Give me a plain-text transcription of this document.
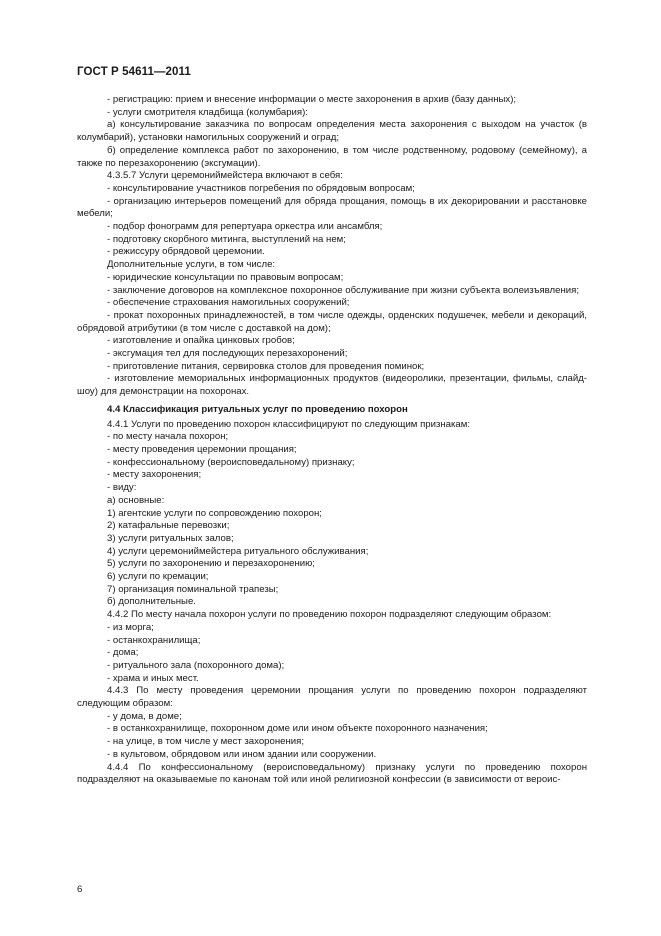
ГОСТ Р 54611—2011

- регистрацию: прием и внесение информации о месте захоронения в архив (базу данных);

- услуги смотрителя кладбища (колумбария):

а) консультирование заказчика по вопросам определения места захоронения с выходом на участок (в колумбарий), установки намогильных сооружений и оград;

б) определение комплекса работ по захоронению, в том числе родственному, родовому (семейному), а также по перезахоронению (эксгумации).

4.3.5.7 Услуги церемониймейстера включают в себя:

- консультирование участников погребения по обрядовым вопросам;

- организацию интерьеров помещений для обряда прощания, помощь в их декорировании и расстановке мебели;

- подбор фонограмм для репертуара оркестра или ансамбля;

- подготовку скорбного митинга, выступлений на нем;

- режиссуру обрядовой церемонии.

Дополнительные услуги, в том числе:

- юридические консультации по правовым вопросам;

- заключение договоров на комплексное похоронное обслуживание при жизни субъекта волеизъявления;

- обеспечение страхования намогильных сооружений;

- прокат похоронных принадлежностей, в том числе одежды, орденских подушечек, мебели и декораций, обрядовой атрибутики (в том числе с доставкой на дом);

- изготовление и опайка цинковых гробов;

- эксгумация тел для последующих перезахоронений;

- приготовление питания, сервировка столов для проведения поминок;

- изготовление мемориальных информационных продуктов (видеоролики, презентации, фильмы, слайд-шоу) для демонстрации на похоронах.

4.4 Классификация ритуальных услуг по проведению похорон

4.4.1 Услуги по проведению похорон классифицируют по следующим признакам:

- по месту начала похорон;

- месту проведения церемонии прощания;

- конфессиональному (вероисповедальному) признаку;

- месту захоронения;

- виду:

а) основные:

1) агентские услуги по сопровождению похорон;

2) катафальные перевозки;

3) услуги ритуальных залов;

4) услуги церемониймейстера ритуального обслуживания;

5) услуги по захоронению и перезахоронению;

6) услуги по кремации;

7) организация поминальной трапезы;

б) дополнительные.

4.4.2 По месту начала похорон услуги по проведению похорон подразделяют следующим образом:

- из морга;

- останкохранилища;

- дома;

- ритуального зала (похоронного дома);

- храма и иных мест.

4.4.3 По месту проведения церемонии прощания услуги по проведению похорон подразделяют следующим образом:

- у дома, в доме;

- в останкохранилище, похоронном доме или ином объекте похоронного назначения;

- на улице, в том числе у мест захоронения;

- в культовом, обрядовом или ином здании или сооружении.

4.4.4 По конфессиональному (вероисповедальному) признаку услуги по проведению похорон подразделяют на оказываемые по канонам той или иной религиозной конфессии (в зависимости от вероис-

6
